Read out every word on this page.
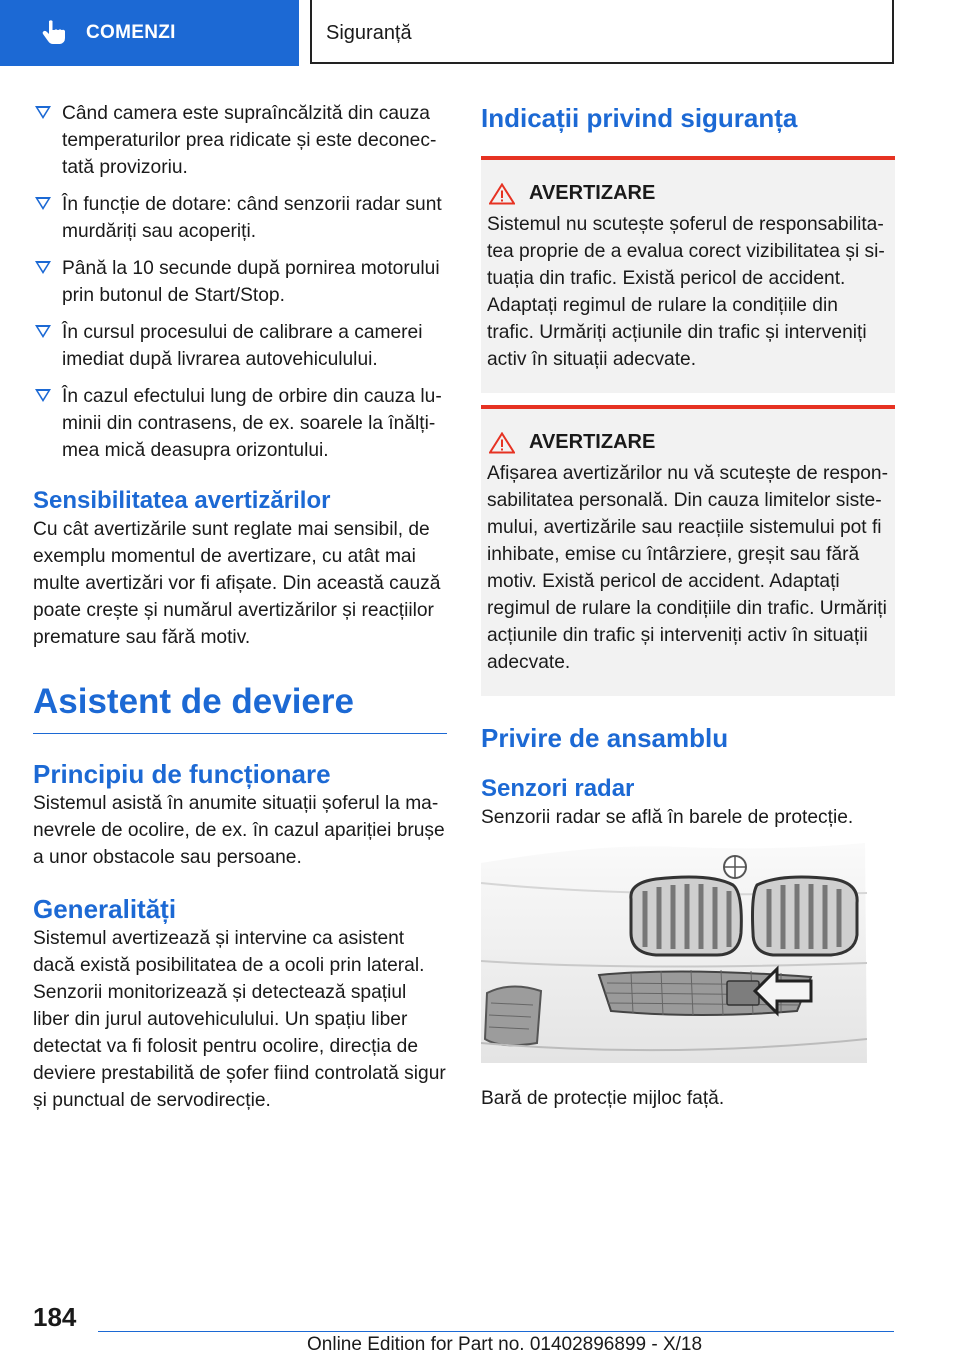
COMENZI	Siguranță
Când camera este supraîncălzită din cauza temperaturilor prea ridicate și este deconectată provizoriu.
În funcție de dotare: când senzorii radar sunt murdăriți sau acoperiți.
Până la 10 secunde după pornirea motorului prin butonul de Start/Stop.
În cursul procesului de calibrare a camerei imediat după livrarea autovehiculului.
În cazul efectului lung de orbire din cauza luminii din contrasens, de ex. soarele la înălțimea mică deasupra orizontului.
Sensibilitatea avertizărilor

Cu cât avertizările sunt reglate mai sensibil, de exemplu momentul de avertizare, cu atât mai multe avertizări vor fi afișate. Din această cauză poate crește și numărul avertizărilor și reacțiilor premature sau fără motiv.

Asistent de deviere
Principiu de funcționare

Sistemul asistă în anumite situații șoferul la manevrele de ocolire, de ex. în cazul apariției brușe a unor obstacole sau persoane.

Generalități

Sistemul avertizează și intervine ca asistent dacă există posibilitatea de a ocoli prin lateral. Senzorii monitorizează și detectează spațiul liber din jurul autovehiculului. Un spațiu liber detectat va fi folosit pentru ocolire, direcția de deviere prestabilită de șofer fiind controlată sigur și punctual de servodirecție.

Indicații privind siguranța
AVERTIZARE

Sistemul nu scutește șoferul de responsabilitatea proprie de a evalua corect vizibilitatea și situația din trafic. Există pericol de accident. Adaptați regimul de rulare la condițiile din trafic. Urmăriți acțiunile din trafic și interveniți activ în situații adecvate.

AVERTIZARE

Afișarea avertizărilor nu vă scutește de responsabilitatea personală. Din cauza limitelor sistemului, avertizările sau reacțiile sistemului pot fi inhibate, emise cu întârziere, greșit sau fără motiv. Există pericol de accident. Adaptați regimul de rulare la condițiile din trafic. Urmăriți acțiunile din trafic și interveniți activ în situații adecvate.

Privire de ansamblu
Senzori radar

Senzorii radar se află în barele de protecție.

Bară de protecție mijloc față.

184
Online Edition for Part no. 01402896899 - X/18
